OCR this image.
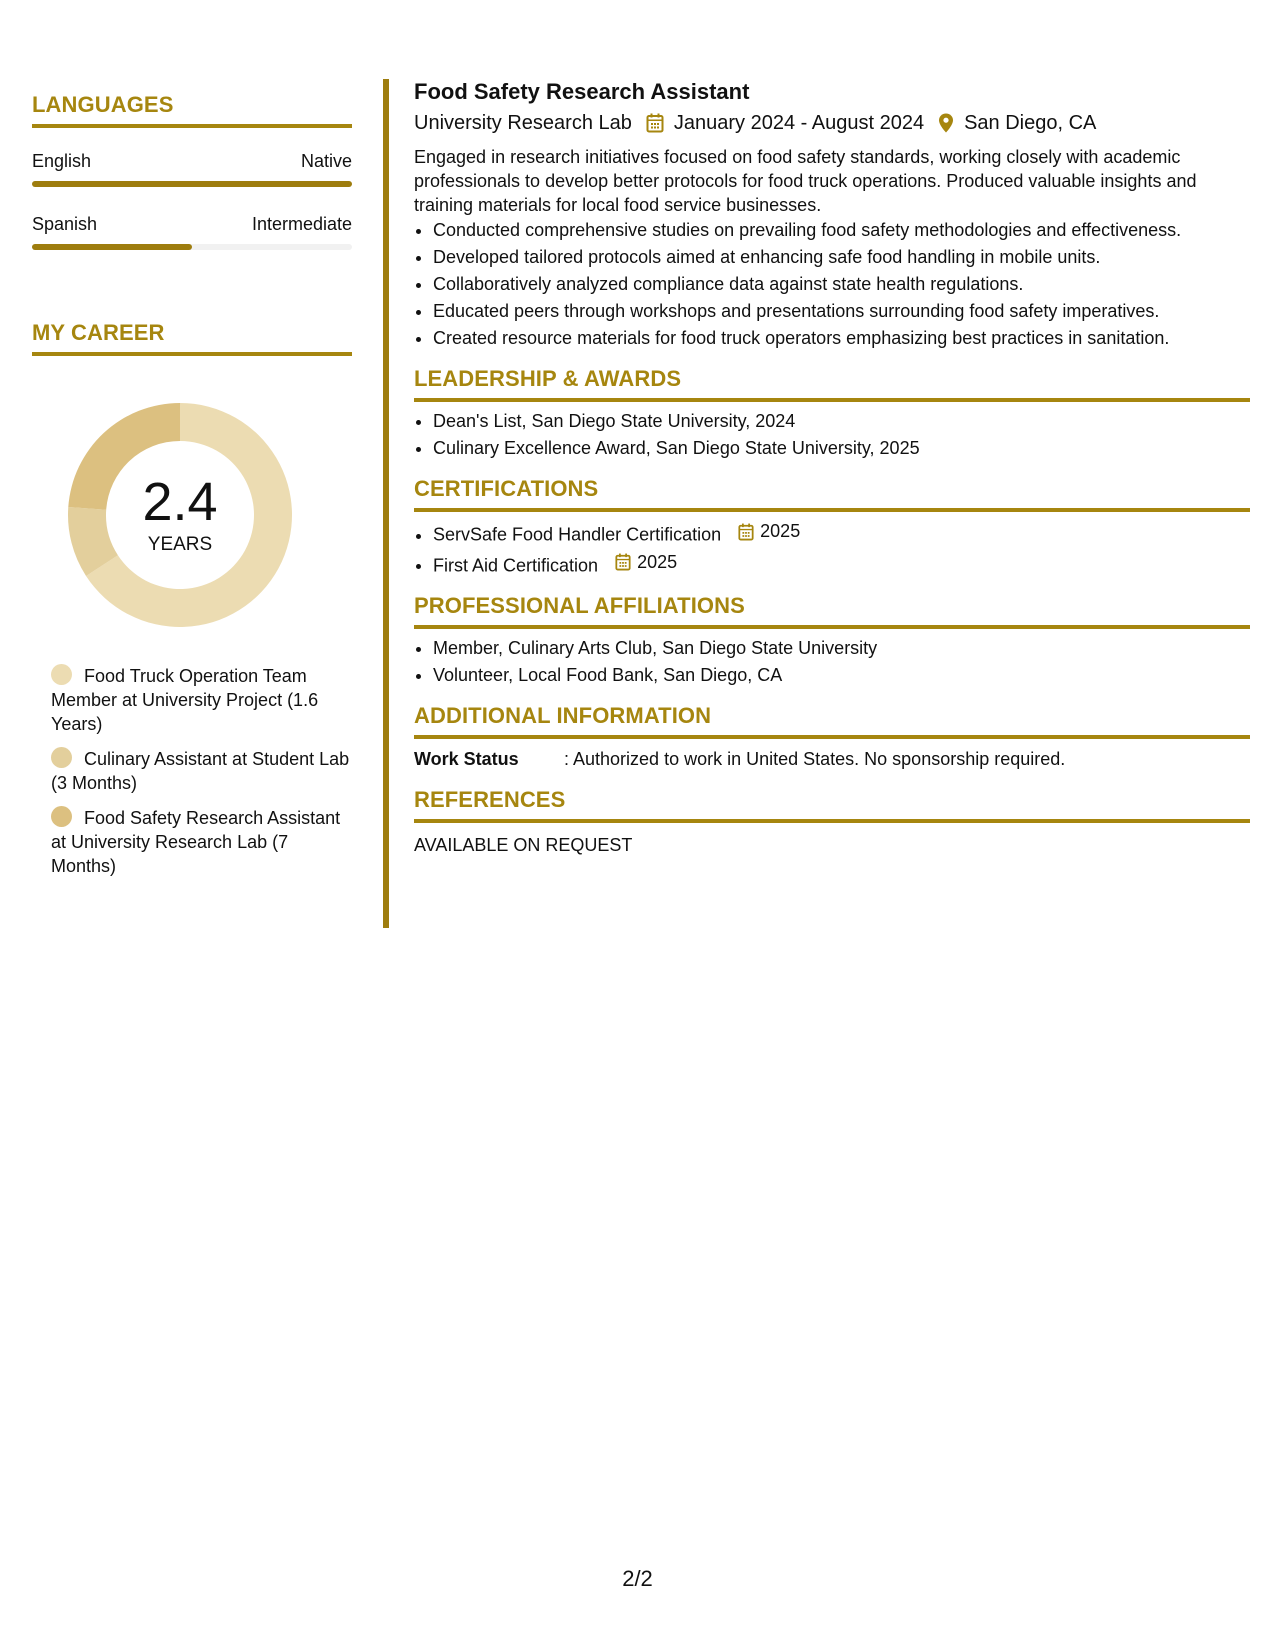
LANGUAGES
English	Native
Spanish	Intermediate
MY CAREER
2.4
YEARS
Food Truck Operation Team Member at University Project (1.6 Years)
Culinary Assistant at Student Lab (3 Months)
Food Safety Research Assistant at University Research Lab (7 Months)
Food Safety Research Assistant
University Research Lab January 2024 - August 2024 San Diego, CA
Engaged in research initiatives focused on food safety standards, working closely with academic professionals to develop better protocols for food truck operations. Produced valuable insights and training materials for local food service businesses.
• Conducted comprehensive studies on prevailing food safety methodologies and effectiveness.
• Developed tailored protocols aimed at enhancing safe food handling in mobile units.
• Collaboratively analyzed compliance data against state health regulations.
• Educated peers through workshops and presentations surrounding food safety imperatives.
• Created resource materials for food truck operators emphasizing best practices in sanitation.
LEADERSHIP & AWARDS
• Dean's List, San Diego State University, 2024
• Culinary Excellence Award, San Diego State University, 2025
CERTIFICATIONS
• ServSafe Food Handler Certification 2025
• First Aid Certification 2025
PROFESSIONAL AFFILIATIONS
• Member, Culinary Arts Club, San Diego State University
• Volunteer, Local Food Bank, San Diego, CA
ADDITIONAL INFORMATION
Work Status	: Authorized to work in United States. No sponsorship required.
REFERENCES
AVAILABLE ON REQUEST
2/2
